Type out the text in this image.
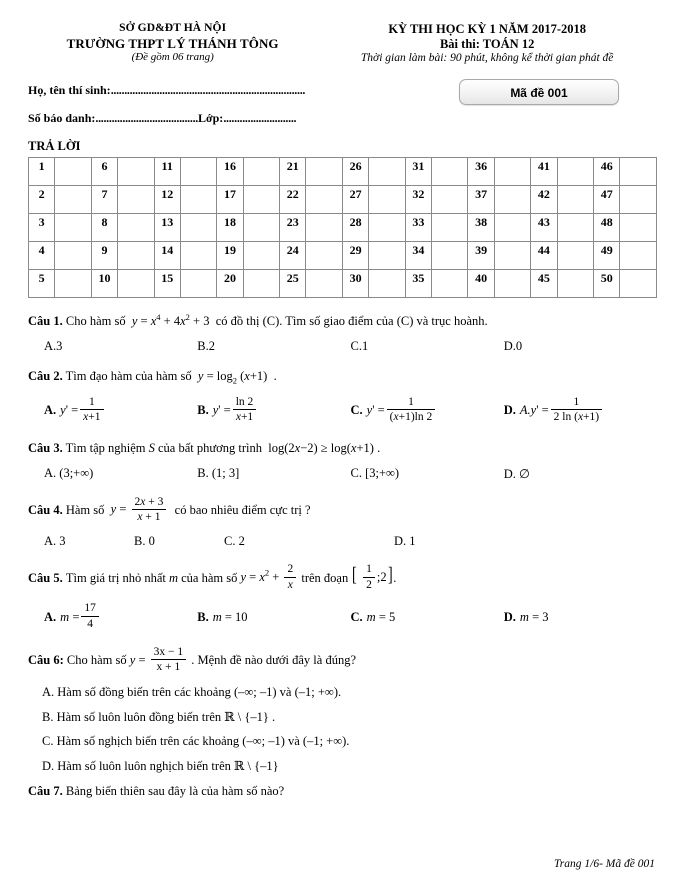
SỞ GD&ĐT HÀ NỘI
TRƯỜNG THPT LÝ THÁNH TÔNG
(Đề gồm 06 trang)
KỲ THI HỌC KỲ 1 NĂM 2017-2018
Bài thi: TOÁN 12
Thời gian làm bài: 90 phút, không kể thời gian phát đề
Họ, tên thí sinh:........................................................................
Số báo danh:......................................Lớp:...........................
Mã đề 001
TRẢ LỜI
1		6		11		16		21		26		31		36		41		46	
2		7		12		17		22		27		32		37		42		47	
3		8		13		18		23		28		33		38		43		48	
4		9		14		19		24		29		34		39		44		49	
5		10		15		20		25		30		35		40		45		50	
Câu 1. Cho hàm số $y = x^4 + 4x^2 + 3$  có đồ thị (C). Tìm số giao điểm của (C) và trục hoành.
A.3	B.2	C.1	D.0
Câu 2. Tìm đạo hàm của hàm số $y = \log_2 (x+1)$  .
A. y ' = $\frac{1}{x+1}$	B. y ' = $\frac{\ln 2}{x+1}$	C. y ' = $\frac{1}{(x+1)\ln 2}$	D. A.y ' = $\frac{1}{2 \ln (x+1)}$
Câu 3. Tìm tập nghiệm S của bất phương trình  log(2x−2) ≥ log(x+1) .
A. (3;+∞)	B. (1; 3]	C. [3;+∞)	D. ∅
Câu 4. Hàm số $y = \frac{2x + 3}{x + 1}$ có bao nhiêu điểm cực trị ?
A. 3	B. 0	C. 2	D. 1
Câu 5.
Tìm giá trị nhỏ nhất m của hàm số $y = x^2 + \frac{2}{x}$
trên đoạn [ $\frac{1}{2}$ ;2] .
A. $m = \frac{17}{4}$	B. m = 10	C. m = 5	D. m = 3
Câu 6:
Cho hàm số $y = \frac{3x - 1}{x + 1}$
. Mệnh đề nào dưới đây là đúng?
A. Hàm số đồng biến trên các khoảng (–∞; –1) và (–1; +∞).
B. Hàm số luôn luôn đồng biến trên ℝ \ {–1} .
C. Hàm số nghịch biến trên các khoảng (–∞; –1) và (–1; +∞).
D. Hàm số luôn luôn nghịch biến trên ℝ \ {–1}
Câu 7. Bảng biến thiên sau đây là của hàm số nào?
Trang 1/6- Mã đề 001
